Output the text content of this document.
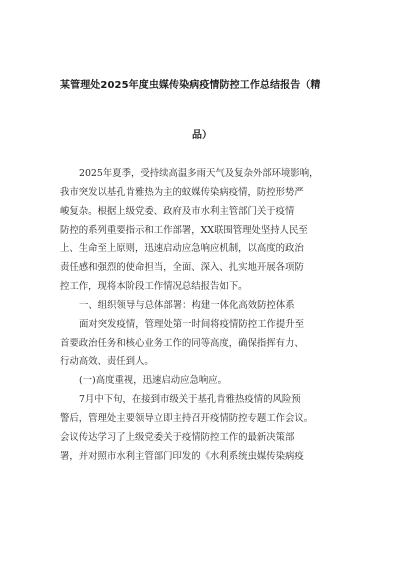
某管理处2025年度虫媒传染病疫情防控工作总结报告（精
品）
2025年夏季，受持续高温多雨天气及复杂外部环境影响，
我市突发以基孔肯雅热为主的蚊媒传染病疫情，防控形势严
峻复杂。根据上级党委、政府及市水利主管部门关于疫情
防控的系列重要指示和工作部署，XX联围管理处坚持人民至
上、生命至上原则，迅速启动应急响应机制，以高度的政治
责任感和强烈的使命担当，全面、深入、扎实地开展各项防
控工作，现将本阶段工作情况总结报告如下。
一、组织领导与总体部署：构建一体化高效防控体系
面对突发疫情，管理处第一时间将疫情防控工作提升至
首要政治任务和核心业务工作的同等高度，确保指挥有力、
行动高效、责任到人。
(一)高度重视，迅速启动应急响应。
7月中下旬，在接到市级关于基孔肯雅热疫情的风险预
警后，管理处主要领导立即主持召开疫情防控专题工作会议。
会议传达学习了上级党委关于疫情防控工作的最新决策部
署，并对照市水利主管部门印发的《水利系统虫媒传染病疫
